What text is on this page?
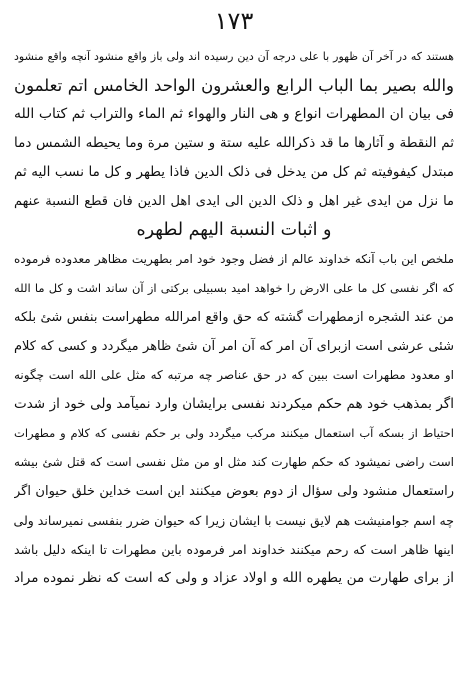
١٧٣
هستند که در آخر آن ظهور با علی درجه آن دین رسیده اند ولی باز واقع منشود آنچه واقع منشود
والله بصیر بما الباب الرابع والعشرون الواحد الخامس اتم تعلمون
فی بیان ان المطهرات انواع و هی النار والهواء ثم الماء والتراب ثم کتاب الله
ثم النقطة و آثارها ما قد ذکرالله علیه ستة و ستین مرة وما یحیطه الشمس دما
مبتدل کیفوفیته ثم کل من یدخل فی ذلک الدین فاذا یطهر و کل ما نسب الیه ثم
ما نزل من ایدی غیر اهل و ذلک الدین الی ایدی اهل الدین فان قطع النسبة عنهم
و اثبات النسبة الیهم لطهره
ملخص این باب آنکه خداوند عالم از فضل وجود خود امر بطهریت مظاهر معدوده فرموده
که اگر نفسی کل ما علی الارض را خواهد امید بسبیلی برکتی از آن ساند اشت و کل ما الله
من عند الشجره ازمطهرات گشته که حق واقع امرالله مطهراست بنفس شئ بلکه
شئی عرشی است ازبرای آن امر که آن امر آن شئ ظاهر میگردد و کسی که کلام
او معدود مطهرات است ببین که در حق عناصر چه مرتبه که مثل علی الله است چگونه
اگر بمذهب خود هم حکم میکردند نفسی برایشان وارد نمیآمد ولی خود از شدت
احتیاط از بسکه آب استعمال میکنند مرکب میگردد ولی بر حکم نفسی که کلام و مطهرات
است راضی نمیشود که حکم طهارت کند مثل او من مثل نفسی است که قتل شئ بیشه
راستعمال منشود ولی سؤال از دوم بعوض میکنند این است خداین خلق حیوان اگر
چه اسم جوامنیشت هم لایق نیست با ایشان زیرا که حیوان ضرر بنفسی نمیرساند ولی
اینها ظاهر است که رحم میکنند خداوند امر فرموده باین مطهرات تا اینکه دلیل باشد
از برای طهارت من یطهره الله و اولاد عزاد و ولی که است که نظر نموده مراد
